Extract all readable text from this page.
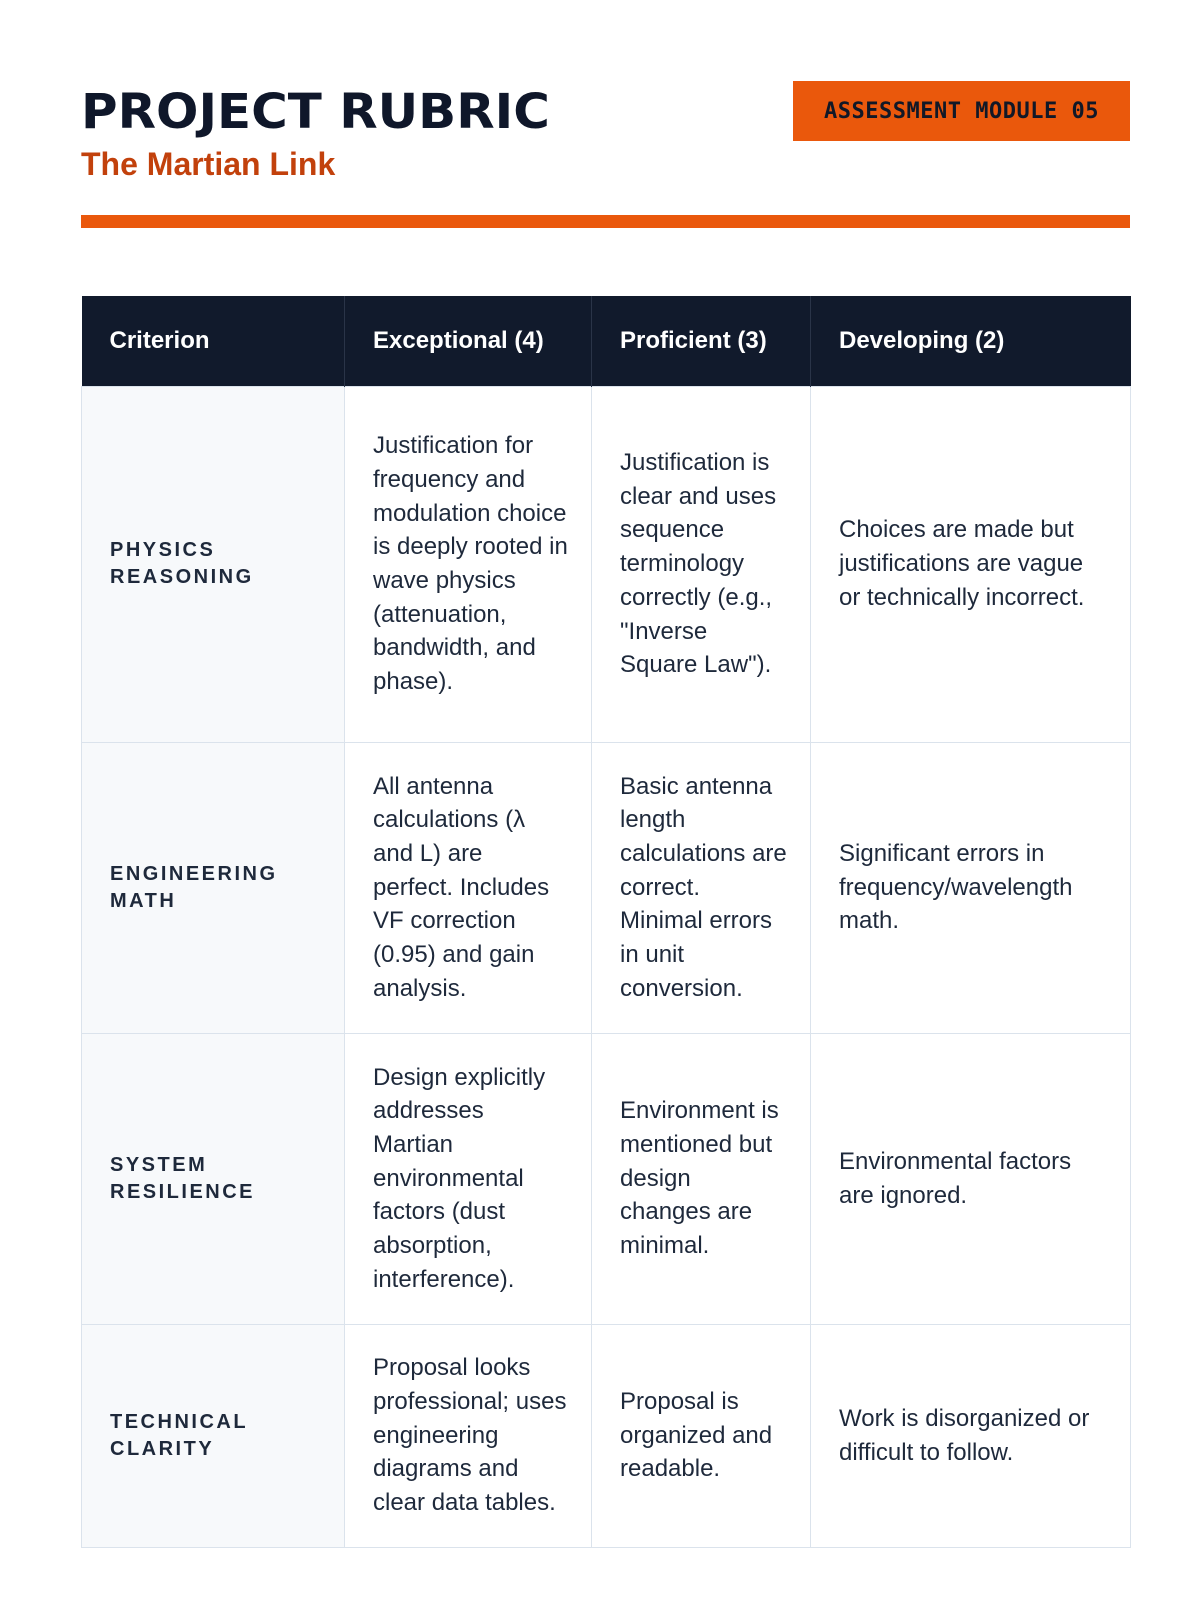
PROJECT RUBRIC
The Martian Link
ASSESSMENT MODULE 05
Criterion	Exceptional (4)	Proficient (3)	Developing (2)
PHYSICS REASONING	Justification for frequency and modulation choice is deeply rooted in wave physics (attenuation, bandwidth, and phase).	Justification is clear and uses sequence terminology correctly (e.g., "Inverse Square Law").	Choices are made but justifications are vague or technically incorrect.
ENGINEERING MATH	All antenna calculations (λ and L) are perfect. Includes VF correction (0.95) and gain analysis.	Basic antenna length calculations are correct. Minimal errors in unit conversion.	Significant errors in frequency/wavelength math.
SYSTEM RESILIENCE	Design explicitly addresses Martian environmental factors (dust absorption, interference).	Environment is mentioned but design changes are minimal.	Environmental factors are ignored.
TECHNICAL CLARITY	Proposal looks professional; uses engineering diagrams and clear data tables.	Proposal is organized and readable.	Work is disorganized or difficult to follow.
